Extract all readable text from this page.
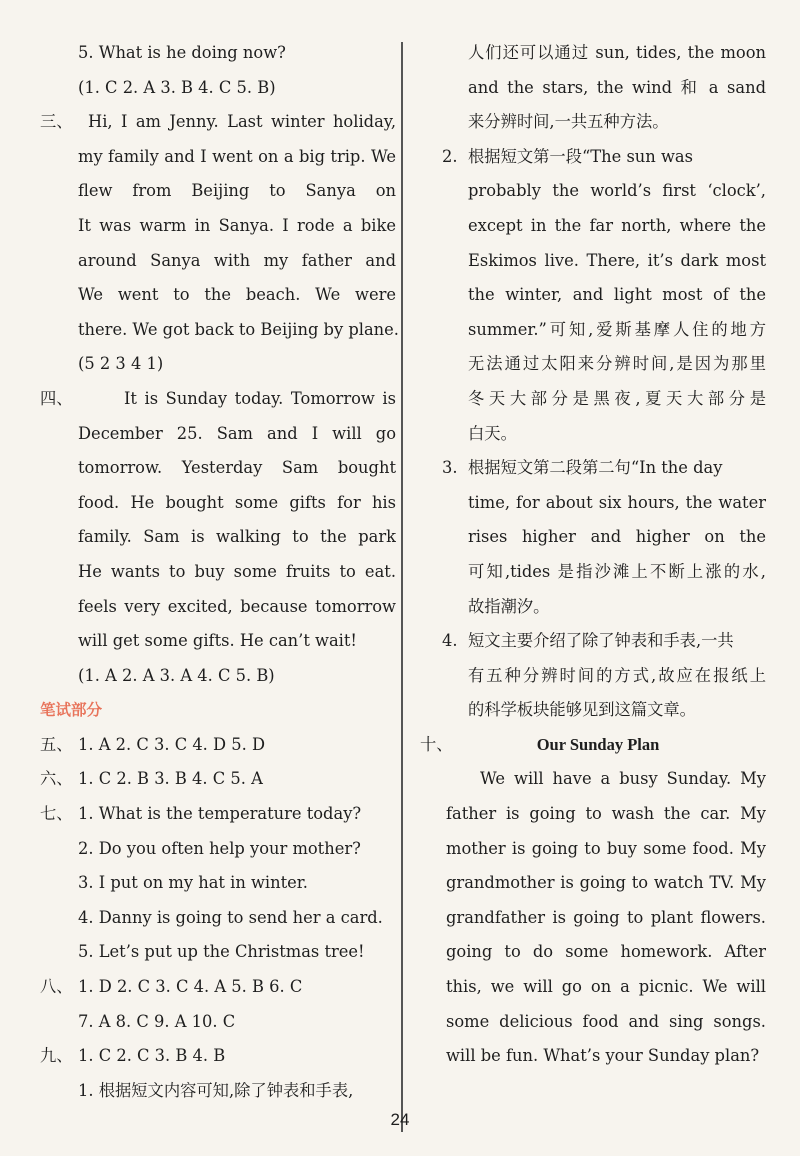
5. What is he doing now?
(1. C 2. A 3. B 4. C 5. B)
三、 Hi, I am Jenny. Last winter holiday,
my family and I went on a big trip. We
flew from Beijing to Sanya on
It was warm in Sanya. I rode a bike
around Sanya with my father and
We went to the beach. We were
there. We got back to Beijing by plane.
(5 2 3 4 1)
四、	It is Sunday today. Tomorrow is
December 25. Sam and I will go
tomorrow. Yesterday Sam bought
food. He bought some gifts for his
family. Sam is walking to the park
He wants to buy some fruits to eat.
feels very excited, because tomorrow
will get some gifts. He can’t wait!
(1. A 2. A 3. A 4. C 5. B)
笔试部分
五、 1. A 2. C 3. C 4. D 5. D
六、 1. C 2. B 3. B 4. C 5. A
七、 1. What is the temperature today?
2. Do you often help your mother?
3. I put on my hat in winter.
4. Danny is going to send her a card.
5. Let’s put up the Christmas tree!
八、 1. D 2. C 3. C 4. A 5. B 6. C
7. A 8. C 9. A 10. C
九、 1. C 2. C 3. B 4. B
1. 根据短文内容可知,除了钟表和手表,
人们还可以通过 sun, tides, the moon
and the stars, the wind 和 a sand
来分辨时间,一共五种方法。
2. 根据短文第一段“The sun was
probably the world’s first ‘clock’,
except in the far north, where the
Eskimos live. There, it’s dark most
the winter, and light most of the
summer.”可知,爱斯基摩人住的地方
无法通过太阳来分辨时间,是因为那里
冬天大部分是黑夜,夏天大部分是
白天。
3. 根据短文第二段第二句“In the day
time, for about six hours, the water
rises higher and higher on the
可知,tides 是指沙滩上不断上涨的水,
故指潮汐。
4. 短文主要介绍了除了钟表和手表,一共
有五种分辨时间的方式,故应在报纸上
的科学板块能够见到这篇文章。
十、	Our Sunday Plan
We will have a busy Sunday. My
father is going to wash the car. My
mother is going to buy some food. My
grandmother is going to watch TV. My
grandfather is going to plant flowers.
going to do some homework. After
this, we will go on a picnic. We will
some delicious food and sing songs.
will be fun. What’s your Sunday plan?
24
